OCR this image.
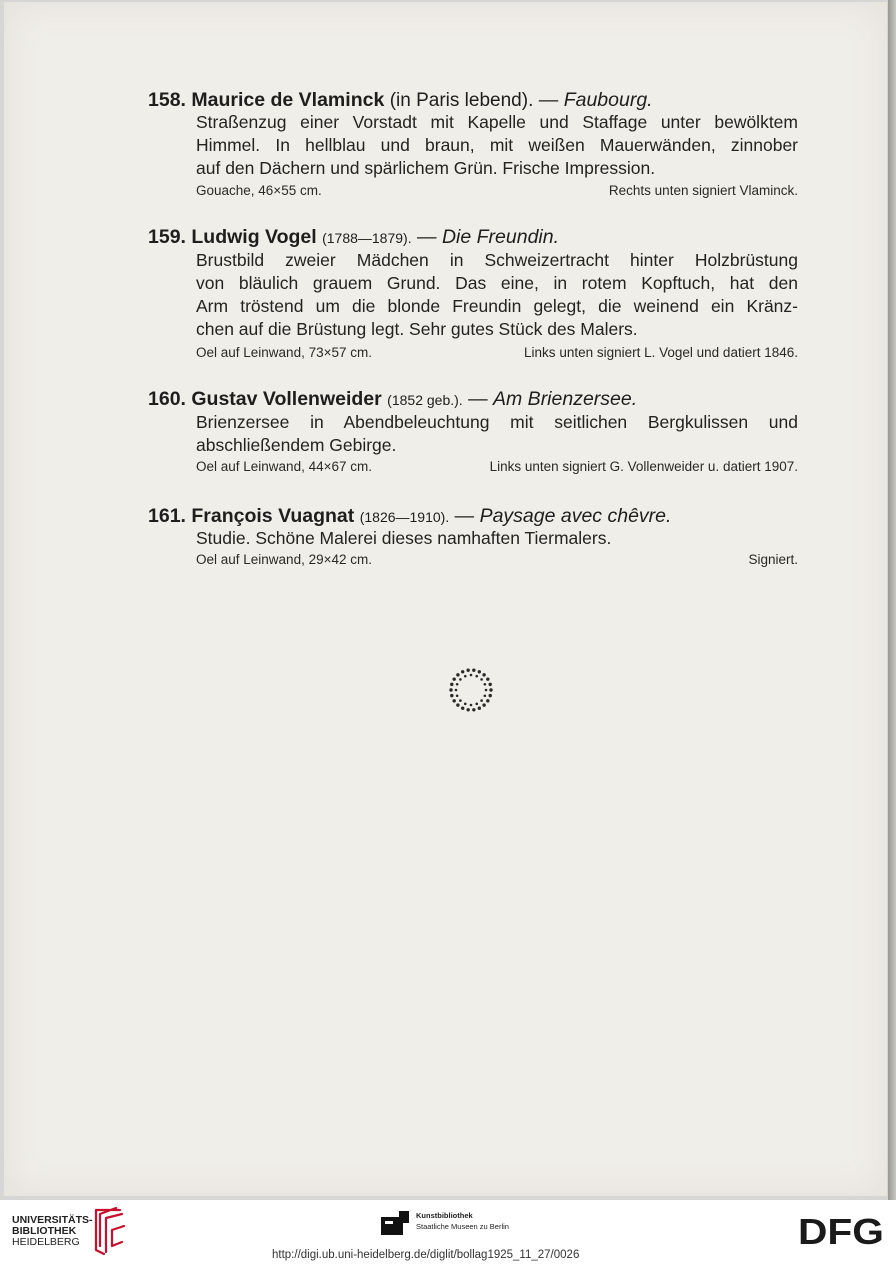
158. Maurice de Vlaminck (in Paris lebend). — Faubourg.
Straßenzug einer Vorstadt mit Kapelle und Staffage unter bewölktem
Himmel. In hellblau und braun, mit weißen Mauerwänden, zinnober
auf den Dächern und spärlichem Grün. Frische Impression.
Gouache, 46×55 cm.	Rechts unten signiert Vlaminck.
159. Ludwig Vogel (1788—1879). — Die Freundin.
Brustbild zweier Mädchen in Schweizertracht hinter Holzbrüstung
von bläulich grauem Grund. Das eine, in rotem Kopftuch, hat den
Arm tröstend um die blonde Freundin gelegt, die weinend ein Kränz-
chen auf die Brüstung legt. Sehr gutes Stück des Malers.
Oel auf Leinwand, 73×57 cm.	Links unten signiert L. Vogel und datiert 1846.
160. Gustav Vollenweider (1852 geb.). — Am Brienzersee.
Brienzersee in Abendbeleuchtung mit seitlichen Bergkulissen und
abschließendem Gebirge.
Oel auf Leinwand, 44×67 cm.	Links unten signiert G. Vollenweider u. datiert 1907.
161. François Vuagnat (1826—1910). — Paysage avec chêvre.
Studie. Schöne Malerei dieses namhaften Tiermalers.
Oel auf Leinwand, 29×42 cm.	Signiert.
UNIVERSITÄTS-
BIBLIOTHEK
HEIDELBERG
Kunstbibliothek
Staatliche Museen zu Berlin	DFG
http://digi.ub.uni-heidelberg.de/diglit/bollag1925_11_27/0026
